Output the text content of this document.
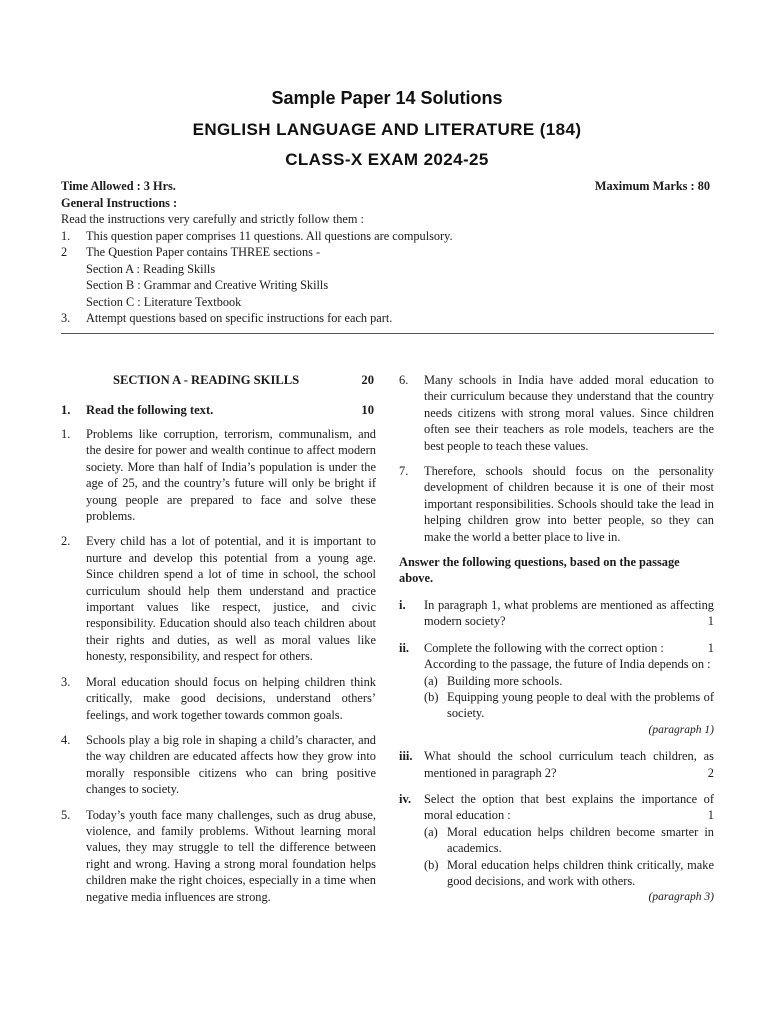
Sample Paper 14 Solutions
ENGLISH LANGUAGE AND LITERATURE (184)
CLASS-X EXAM 2024-25
Time Allowed : 3 Hrs.	Maximum Marks : 80
General Instructions :
Read the instructions very carefully and strictly follow them :
1. This question paper comprises 11 questions. All questions are compulsory.
2 The Question Paper contains THREE sections -
Section A : Reading Skills
Section B : Grammar and Creative Writing Skills
Section C : Literature Textbook
3. Attempt questions based on specific instructions for each part.
SECTION A - READING SKILLS	20
1. Read the following text.	10
1. Problems like corruption, terrorism, communalism, and the desire for power and wealth continue to affect modern society. More than half of India’s population is under the age of 25, and the country’s future will only be bright if young people are prepared to face and solve these problems.
2. Every child has a lot of potential, and it is important to nurture and develop this potential from a young age. Since children spend a lot of time in school, the school curriculum should help them understand and practice important values like respect, justice, and civic responsibility. Education should also teach children about their rights and duties, as well as moral values like honesty, responsibility, and respect for others.
3. Moral education should focus on helping children think critically, make good decisions, understand others’ feelings, and work together towards common goals.
4. Schools play a big role in shaping a child’s character, and the way children are educated affects how they grow into morally responsible citizens who can bring positive changes to society.
5. Today’s youth face many challenges, such as drug abuse, violence, and family problems. Without learning moral values, they may struggle to tell the difference between right and wrong. Having a strong moral foundation helps children make the right choices, especially in a time when negative media influences are strong.
6. Many schools in India have added moral education to their curriculum because they understand that the country needs citizens with strong moral values. Since children often see their teachers as role models, teachers are the best people to teach these values.
7. Therefore, schools should focus on the personality development of children because it is one of their most important responsibilities. Schools should take the lead in helping children grow into better people, so they can make the world a better place to live in.
Answer the following questions, based on the passage above.
i. In paragraph 1, what problems are mentioned as affecting modern society?	1
ii. Complete the following with the correct option :	1
According to the passage, the future of India depends on :
(a) Building more schools.
(b) Equipping young people to deal with the problems of society.
(paragraph 1)
iii. What should the school curriculum teach children, as mentioned in paragraph 2?	2
iv. Select the option that best explains the importance of moral education :	1
(a) Moral education helps children become smarter in academics.
(b) Moral education helps children think critically, make good decisions, and work with others.
(paragraph 3)
